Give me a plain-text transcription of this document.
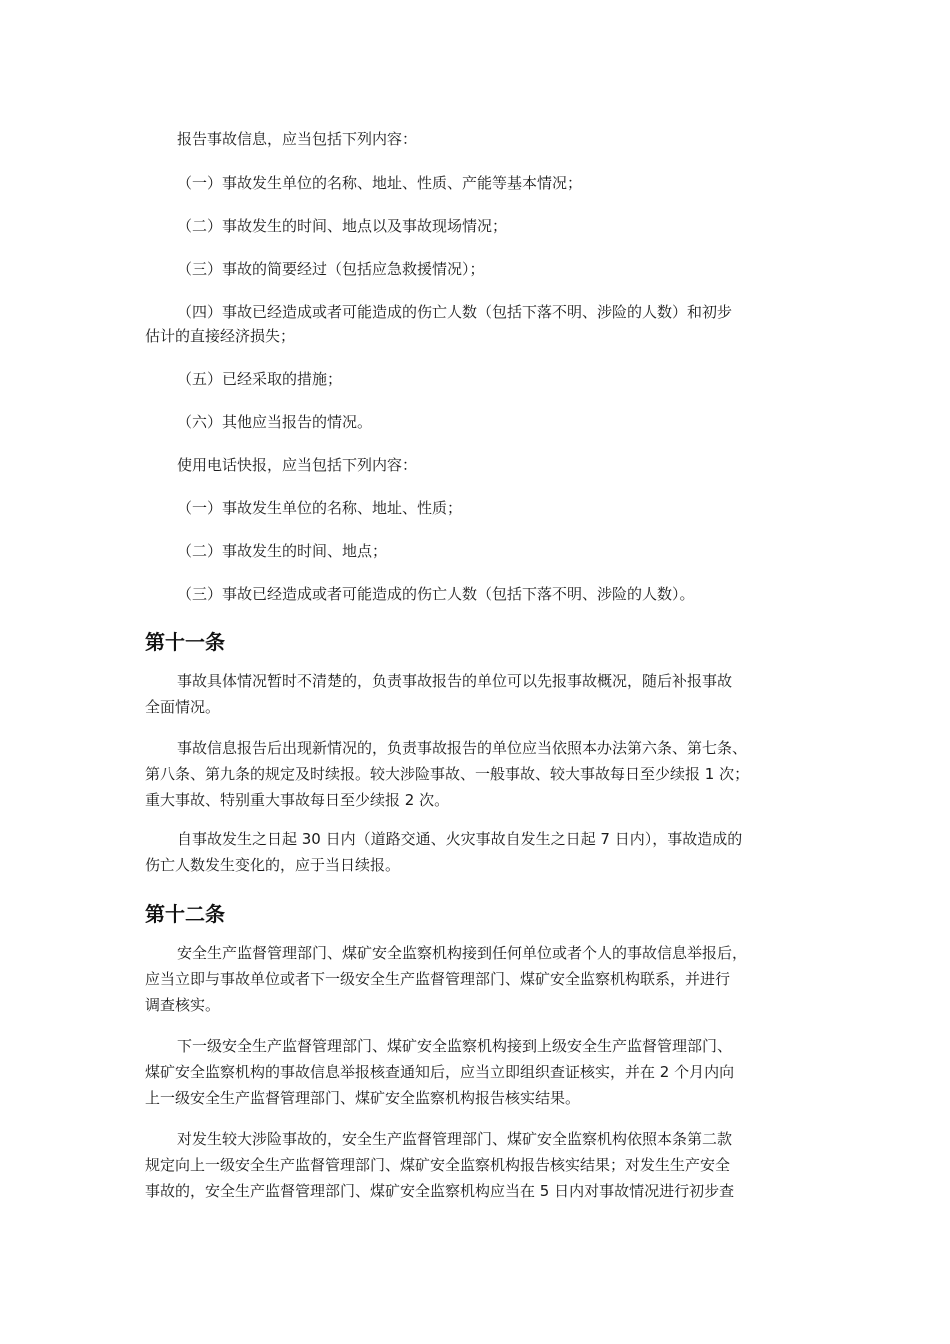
报告事故信息，应当包括下列内容：
（一）事故发生单位的名称、地址、性质、产能等基本情况；
（二）事故发生的时间、地点以及事故现场情况；
（三）事故的简要经过（包括应急救援情况）；
（四）事故已经造成或者可能造成的伤亡人数（包括下落不明、涉险的人数）和初步
估计的直接经济损失；
（五）已经采取的措施；
（六）其他应当报告的情况。
使用电话快报，应当包括下列内容：
（一）事故发生单位的名称、地址、性质；
（二）事故发生的时间、地点；
（三）事故已经造成或者可能造成的伤亡人数（包括下落不明、涉险的人数）。
第十一条
事故具体情况暂时不清楚的，负责事故报告的单位可以先报事故概况，随后补报事故
全面情况。
事故信息报告后出现新情况的，负责事故报告的单位应当依照本办法第六条、第七条、
第八条、第九条的规定及时续报。较大涉险事故、一般事故、较大事故每日至少续报 1 次；
重大事故、特别重大事故每日至少续报 2 次。
自事故发生之日起 30 日内（道路交通、火灾事故自发生之日起 7 日内），事故造成的
伤亡人数发生变化的，应于当日续报。
第十二条
安全生产监督管理部门、煤矿安全监察机构接到任何单位或者个人的事故信息举报后，
应当立即与事故单位或者下一级安全生产监督管理部门、煤矿安全监察机构联系，并进行
调查核实。
下一级安全生产监督管理部门、煤矿安全监察机构接到上级安全生产监督管理部门、
煤矿安全监察机构的事故信息举报核查通知后，应当立即组织查证核实，并在 2 个月内向
上一级安全生产监督管理部门、煤矿安全监察机构报告核实结果。
对发生较大涉险事故的，安全生产监督管理部门、煤矿安全监察机构依照本条第二款
规定向上一级安全生产监督管理部门、煤矿安全监察机构报告核实结果；对发生生产安全
事故的，安全生产监督管理部门、煤矿安全监察机构应当在 5 日内对事故情况进行初步查
